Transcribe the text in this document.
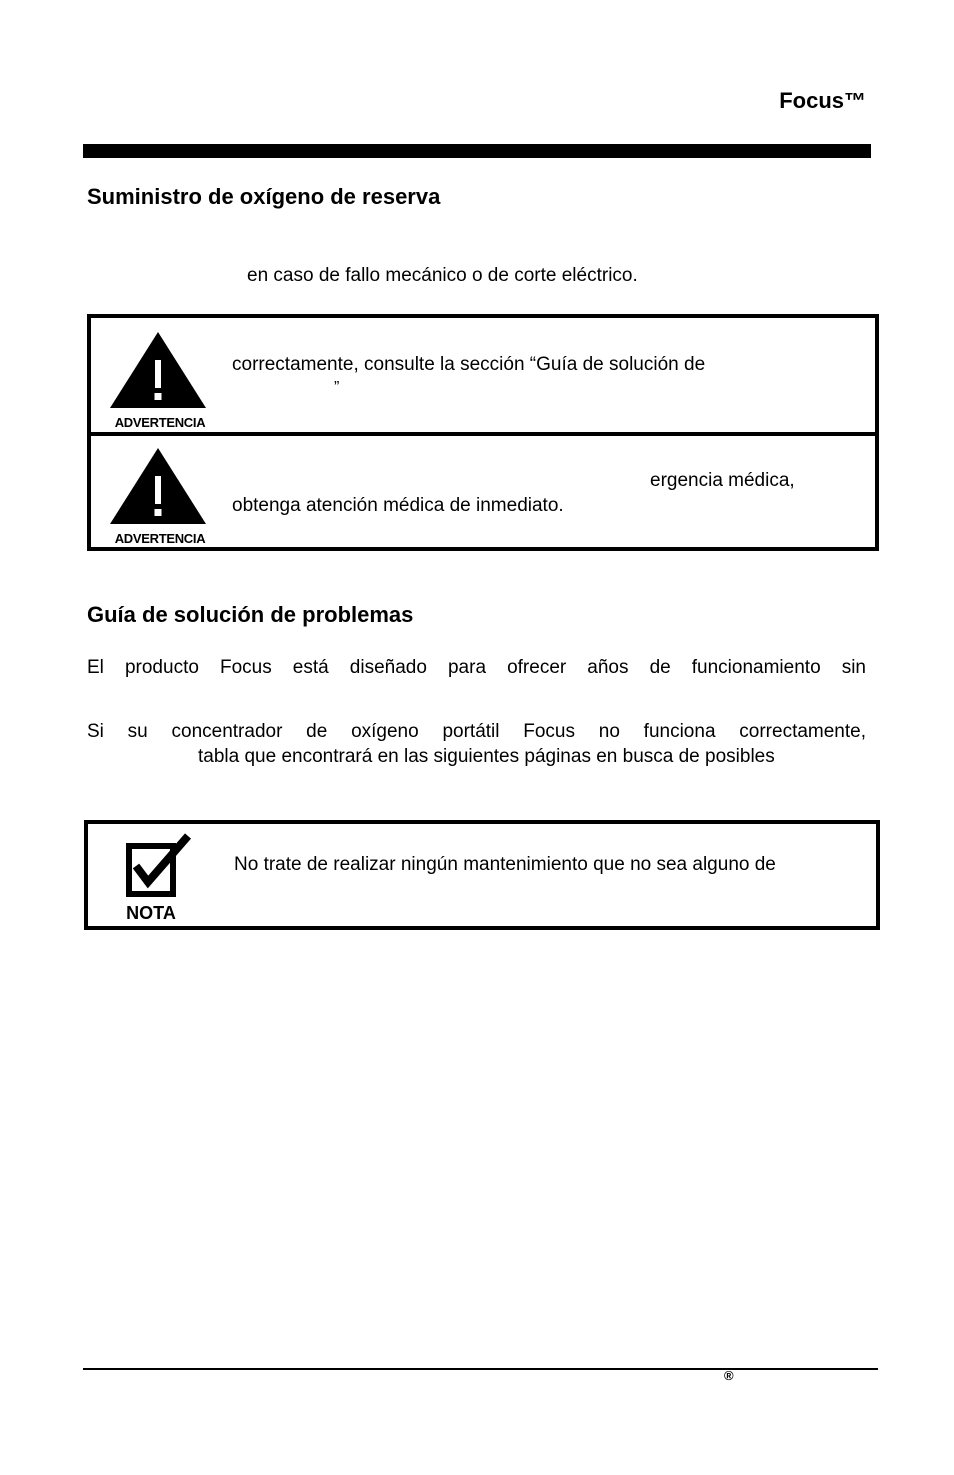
Focus™
Suministro de oxígeno de reserva
en caso de fallo mecánico o de corte eléctrico.
ADVERTENCIA
correctamente, consulte la sección “Guía de solución de
”
ADVERTENCIA
ergencia médica,
obtenga atención médica de inmediato.
Guía de solución de problemas
El producto Focus está diseñado para ofrecer años de funcionamiento sin
Si su concentrador de oxígeno portátil Focus no funciona correctamente,
tabla que encontrará en las siguientes páginas en busca de posibles
NOTA
No trate de realizar ningún mantenimiento que no sea alguno de
®
